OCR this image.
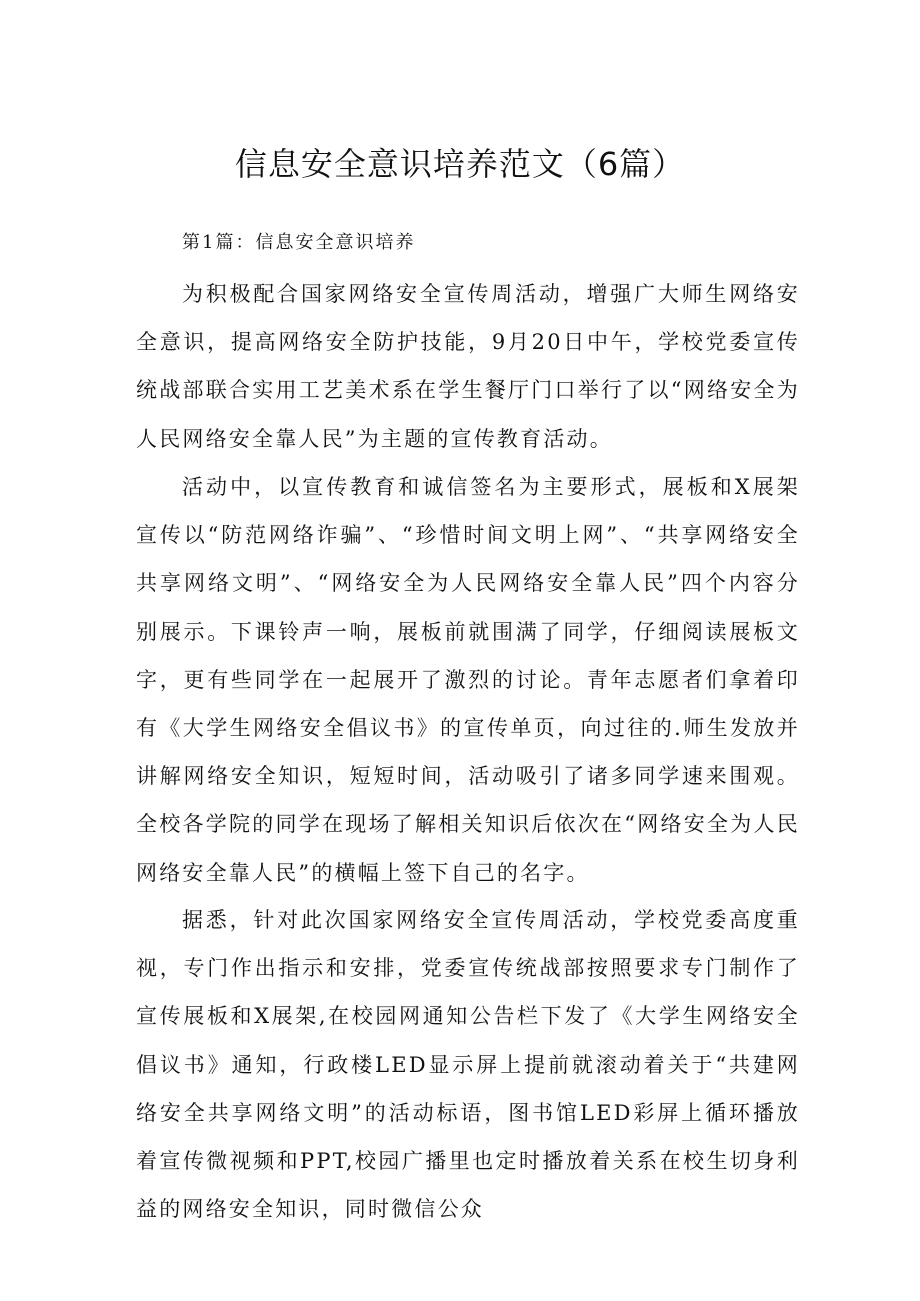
信息安全意识培养范文（6篇）
第1篇：信息安全意识培养

为积极配合国家网络安全宣传周活动，增强广大师生网络安全意识，提高网络安全防护技能，9月20日中午，学校党委宣传统战部联合实用工艺美术系在学生餐厅门口举行了以“网络安全为人民网络安全靠人民”为主题的宣传教育活动。

活动中，以宣传教育和诚信签名为主要形式，展板和X展架宣传以“防范网络诈骗”、“珍惜时间文明上网”、“共享网络安全共享网络文明”、“网络安全为人民网络安全靠人民”四个内容分别展示。下课铃声一响，展板前就围满了同学，仔细阅读展板文字，更有些同学在一起展开了激烈的讨论。青年志愿者们拿着印有《大学生网络安全倡议书》的宣传单页，向过往的.师生发放并讲解网络安全知识，短短时间，活动吸引了诸多同学速来围观。全校各学院的同学在现场了解相关知识后依次在“网络安全为人民网络安全靠人民”的横幅上签下自己的名字。

据悉，针对此次国家网络安全宣传周活动，学校党委高度重视，专门作出指示和安排，党委宣传统战部按照要求专门制作了宣传展板和X展架,在校园网通知公告栏下发了《大学生网络安全倡议书》通知，行政楼LED显示屏上提前就滚动着关于“共建网络安全共享网络文明”的活动标语，图书馆LED彩屏上循环播放着宣传微视频和PPT,校园广播里也定时播放着关系在校生切身利益的网络安全知识，同时微信公众
